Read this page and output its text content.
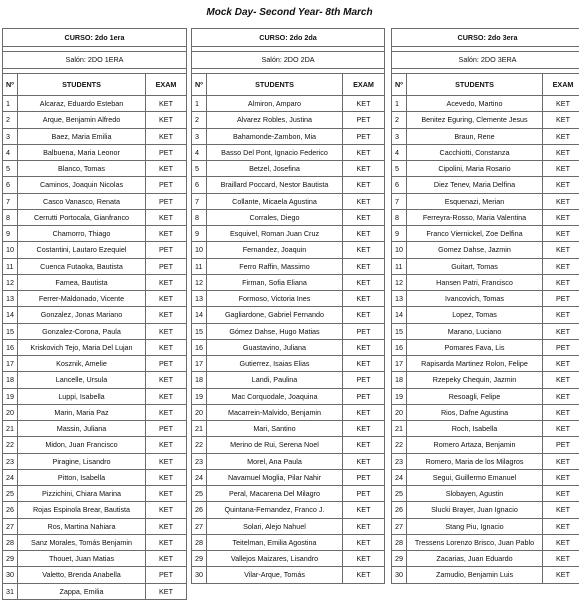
Mock Day- Second Year- 8th March
CURSO: 2do 1era		

Salón: 2DO 1ERA		

Nº	STUDENTS	EXAM
1	Alcaraz, Eduardo Esteban	KET
2	Arque, Benjamin Alfredo	KET
3	Baez, Maria Emilia	KET
4	Balbuena, Maria Leonor	PET
5	Blanco, Tomas	KET
6	Caminos, Joaquin Nicolas	PET
7	Casco Vanasco, Renata	PET
8	Cerrutti Portocala, Gianfranco	KET
9	Chamorro, Thiago	KET
10	Costantini, Lautaro Ezequiel	PET
11	Cuenca Futaoka, Bautista	PET
12	Famea, Bautista	KET
13	Ferrer-Maldonado, Vicente	KET
14	Gonzalez, Jonas Mariano	KET
15	Gonzalez-Corona, Paula	KET
16	Kriskovich Tejo, Maria Del Lujan	KET
17	Kosznik, Amelie	PET
18	Lancelle, Ursula	KET
19	Luppi, Isabella	KET
20	Marin, Maria Paz	KET
21	Massin, Juliana	PET
22	Midon, Juan Francisco	KET
23	Piragine, Lisandro	KET
24	Pitton, Isabella	KET
25	Pizzichini, Chiara Marina	KET
26	Rojas Espinola Brear, Bautista	KET
27	Ros, Martina Nahiara	KET
28	Sanz Morales, Tomás Benjamin	KET
29	Thouet, Juan Matias	KET
30	Valetto, Brenda Anabella	PET
31	Zappa, Emilia	KET
CURSO: 2do 2da		

Salón: 2DO 2DA		

Nº	STUDENTS	EXAM
1	Almiron, Amparo	KET
2	Alvarez Robles, Justina	PET
3	Bahamonde-Zambon, Mia	PET
4	Basso Del Pont, Ignacio Federico	KET
5	Betzel, Josefina	KET
6	Braillard Poccard, Nestor Bautista	KET
7	Collante, Micaela Agustina	KET
8	Corrales, Diego	KET
9	Esquivel, Roman Juan Cruz	KET
10	Fernandez, Joaquin	KET
11	Ferro Raffin, Massimo	KET
12	Firman, Sofia Eliana	KET
13	Formoso, Victoria Ines	KET
14	Gagliardone, Gabriel Fernando	KET
15	Gómez Dahse, Hugo Matias	PET
16	Guastavino, Juliana	KET
17	Gutierrez, Isaias Elias	KET
18	Landi, Paulina	PET
19	Mac Corquodale, Joaquina	PET
20	Macarrein-Malvido, Benjamin	KET
21	Mari, Santino	KET
22	Merino de Rui, Serena Noel	KET
23	Morel, Ana Paula	KET
24	Navamuel Moglia, Pilar Nahir	PET
25	Peral, Macarena Del Milagro	PET
26	Quintana-Fernandez, Franco J.	KET
27	Solari, Alejo Nahuel	KET
28	Teitelman, Emilia Agostina	KET
29	Vallejos Maizares, Lisandro	KET
30	Vilar-Arque, Tomás	KET
CURSO: 2do 3era		

Salón: 2DO 3ERA		

Nº	STUDENTS	EXAM
1	Acevedo, Martino	KET
2	Benitez Eguring, Clemente Jesus	KET
3	Braun, Rene	KET
4	Cacchiotti, Constanza	KET
5	Cipolini, Maria Rosario	KET
6	Diez Tenev, Maria Delfina	KET
7	Esquenazi, Merian	KET
8	Ferreyra-Rosso, Maria Valentina	KET
9	Franco Viernickel, Zoe Delfina	KET
10	Gomez Dahse, Jazmin	KET
11	Guitart, Tomas	KET
12	Hansen Patri, Francisco	KET
13	Ivancovich, Tomas	PET
14	Lopez, Tomas	KET
15	Marano, Luciano	KET
16	Pomares Fava, Lis	PET
17	Rapisarda Martinez Rolon, Felipe	KET
18	Rzepeky Chequin, Jazmin	KET
19	Resoagli, Felipe	KET
20	Rios, Dafne Agustina	KET
21	Roch, Isabella	KET
22	Romero Artaza, Benjamin	PET
23	Romero, Maria de los Milagros	KET
24	Segui, Guillermo Emanuel	KET
25	Slobayen, Agustin	KET
26	Slucki Brayer, Juan Ignacio	KET
27	Stang Piu, Ignacio	KET
28	Tressens Lorenzo Brisco, Juan Pablo	KET
29	Zacarias, Juan Eduardo	KET
30	Zamudio, Benjamin Luis	KET
